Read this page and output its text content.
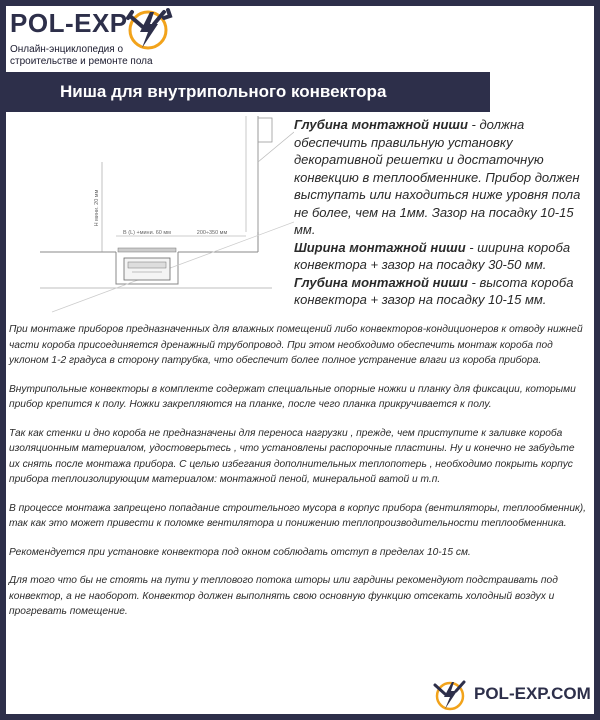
POL-EXP
Онлайн-энциклопедия о строительстве и ремонте пола
Ниша для внутрипольного конвектора
H мини. 20 мм
B (L) +мини. 60 мм	200÷350 мм
Глубина монтажной ниши - должна обеспечить правильную установку декоративной решетки и достаточную конвекцию в теплообменнике. Прибор должен выступать или находиться ниже уровня пола не более, чем на 1мм. Зазор на посадку 10-15 мм.
Ширина монтажной ниши - ширина короба конвектора + зазор на посадку 30-50 мм.
Глубина монтажной ниши - высота короба конвектора + зазор на посадку 10-15 мм.

При монтаже приборов предназначенных для влажных помещений либо конвекторов-кондиционеров к отводу нижней части короба присоединяется дренажный трубопровод. При этом необходимо обеспечить монтаж короба под уклоном 1-2 градуса в сторону патрубка, что обеспечит более полное устранение влаги из короба прибора.

Внутрипольные конвекторы в комплекте содержат специальные опорные ножки и планку для фиксации, которыми прибор крепится к полу. Ножки закрепляются на планке, после чего планка прикручивается к полу.

Так как стенки и дно короба не предназначены для переноса нагрузки , прежде, чем приступите к заливке короба изоляционным материалом, удостоверьтесь , что установлены распорочные пластины. Ну и конечно не забудьте их снять после монтажа прибора. С целью избегания дополнительных теплопотерь , необходимо покрыть корпус прибора теплоизолирующим материалом: монтажной пеной, минеральной ватой и т.п.

В процессе монтажа запрещено попадание строительного мусора в корпус прибора (вентиляторы, теплообменник), так как это может привести к поломке вентилятора и понижению теплопроизводительности теплообменника.

Рекомендуется при установке конвектора под окном соблюдать отступ в пределах 10-15 см.

Для того что бы не стоять на пути у теплового потока шторы или гардины рекомендуют подстраивать под конвектор, а не наоборот. Конвектор должен выполнять свою основную функцию отсекать холодный воздух и прогревать помещение.

POL-EXP.COM
